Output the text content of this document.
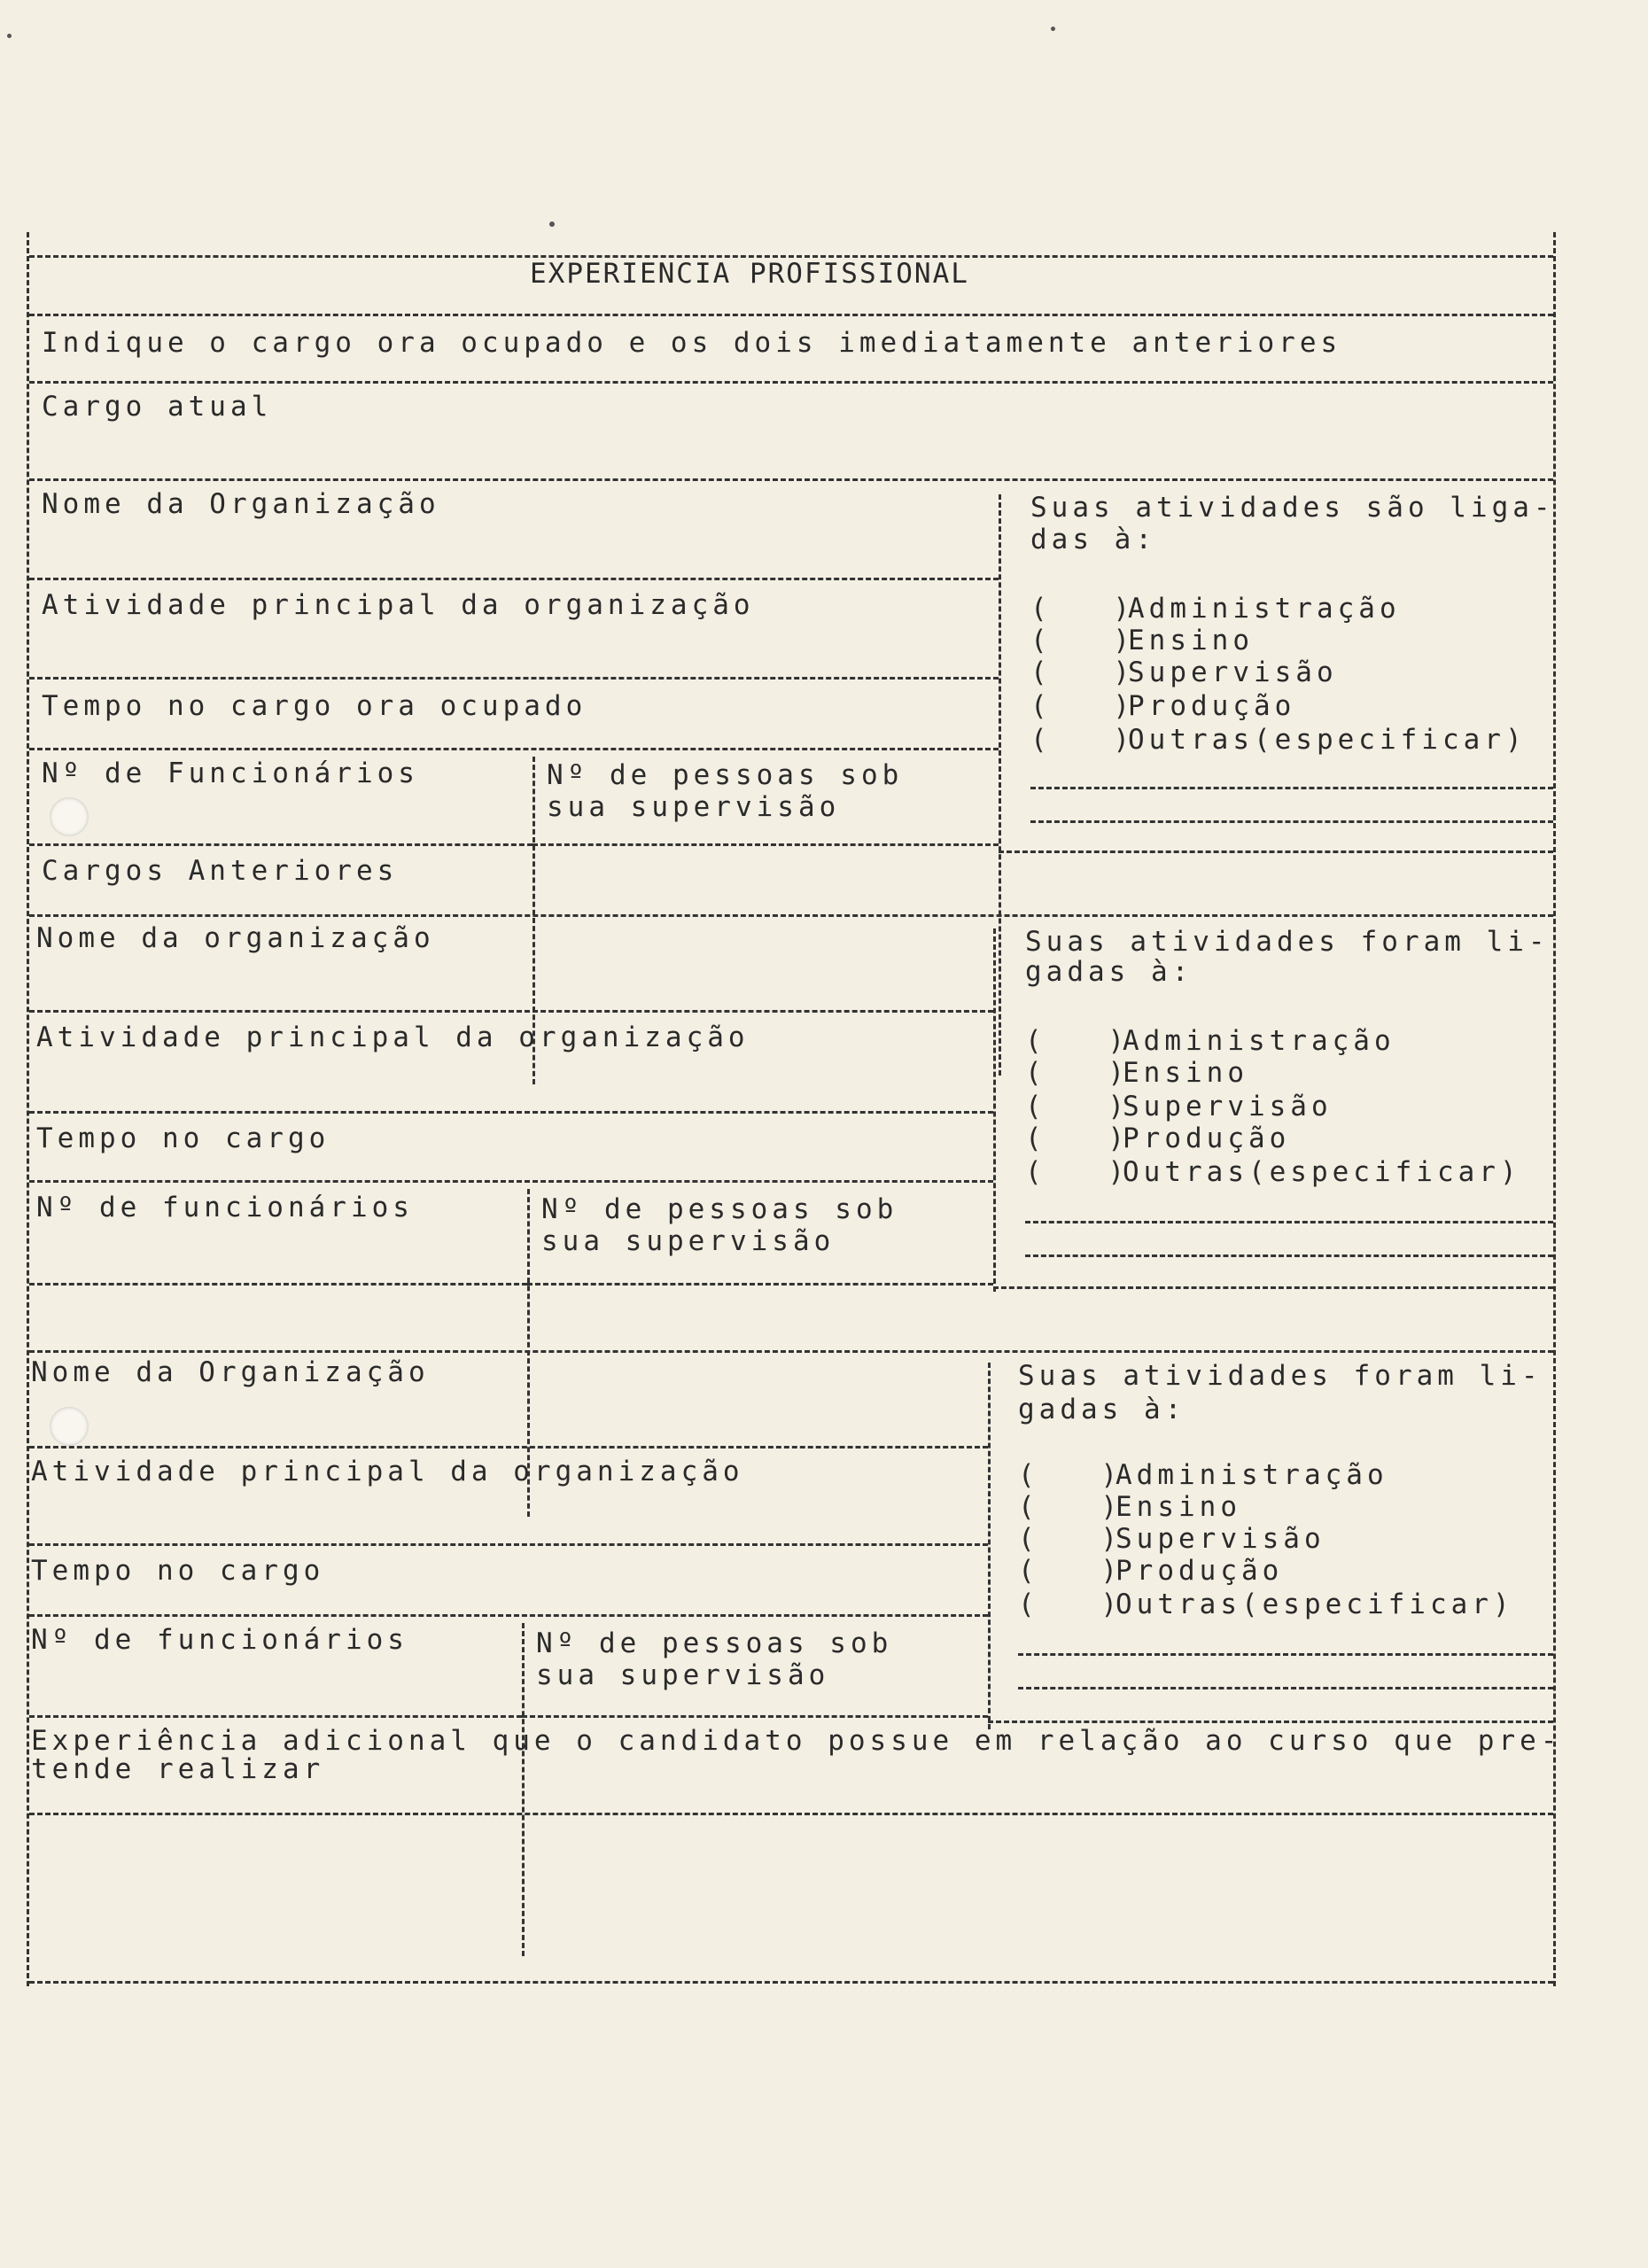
EXPERIENCIA PROFISSIONAL
Indique o cargo ora ocupado e os dois imediatamente anteriores
Cargo atual
Nome da Organização
Atividade principal da organização
Tempo no cargo ora ocupado
Nº de Funcionários	Nº de pessoas sob
sua supervisão
Suas atividades são liga-
das à:
( )Administração
( )Ensino
( )Supervisão
( )Produção
( )Outras(especificar)
Cargos Anteriores
Nome da organização
Atividade principal da organização
Tempo no cargo
Nº de funcionários	Nº de pessoas sob
sua supervisão
Suas atividades foram li-
gadas à:
( )Administração
( )Ensino
( )Supervisão
( )Produção
( )Outras(especificar)
Nome da Organização
Atividade principal da organização
Tempo no cargo
Nº de funcionários	Nº de pessoas sob
sua supervisão
Suas atividades foram li-
gadas à:
( )Administração
( )Ensino
( )Supervisão
( )Produção
( )Outras(especificar)
Experiência adicional que o candidato possue em relação ao curso que pre-
tende realizar
